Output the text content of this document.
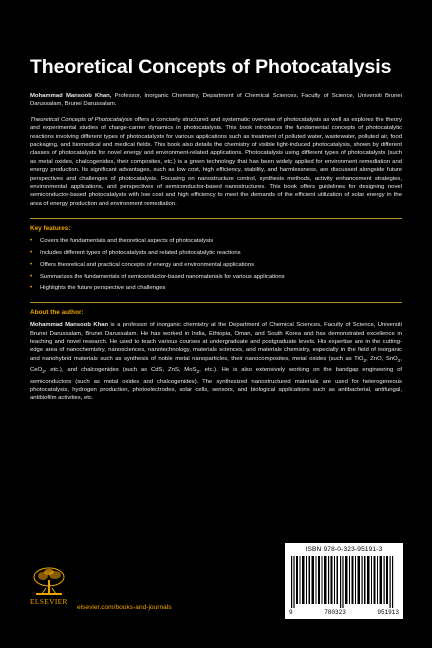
Theoretical Concepts of Photocatalysis

Mohammad Mansoob Khan, Professor, Inorganic Chemistry, Department of Chemical Sciences, Faculty of Science, Universiti Brunei Darussalam, Brunei Darussalam.

Theoretical Concepts of Photocatalysis offers a concisely structured and systematic overview of photocatalysis as well as explores the theory and experimental studies of charge-carrier dynamics in photocatalysis. This book introduces the fundamental concepts of photocatalytic reactions involving different types of photocatalysts for various applications such as treatment of polluted water, wastewater, polluted air, food packaging, and biomedical and medical fields. This book also details the chemistry of visible light-induced photocatalysis, shown by different classes of photocatalysts for novel energy and environment-related applications. Photocatalysis using different types of photocatalysts (such as metal oxides, chalcogenides, their composites, etc.) is a green technology that has been widely applied for environment remediation and energy production. Its significant advantages, such as low cost, high efficiency, stability, and harmlessness, are discussed alongside future perspectives and challenges of photocatalysis. Focusing on nanostructure control, synthesis methods, activity enhancement strategies, environmental applications, and perspectives of semiconductor-based nanostructures. This book offers guidelines for designing novel semiconductor-based photocatalysts with low cost and high efficiency to meet the demands of the efficient utilization of solar energy in the area of energy production and environment remediation.

Key features:
•	Covers the fundamentals and theoretical aspects of photocatalysis
•	Includes different types of photocatalysts and related photocatalytic reactions
•	Offers theoretical and practical concepts of energy and environmental applications
•	Summarizes the fundamentals of semiconductor-based nanomaterials for various applications
•	Highlights the future perspective and challenges
About the author:

Mohammad Mansoob Khan is a professor of inorganic chemistry at the Department of Chemical Sciences, Faculty of Science, Universiti Brunei Darussalam, Brunei Darussalam. He has worked in India, Ethiopia, Oman, and South Korea and has demonstrated excellence in teaching and novel research. He used to teach various courses at undergraduate and postgraduate levels. His expertise are in the cutting-edge area of nanochemistry, nanosciences, nanotechnology, materials sciences, and materials chemistry, especially in the field of inorganic and nanohybrid materials such as synthesis of noble metal nanoparticles, their nanocomposites, metal oxides (such as TiO$_2$, ZnO, SnO$_2$, CeO$_2$, etc.), and chalcogenides (such as CdS, ZnS, MoS$_2$, etc.). He is also extensively working on the bandgap engineering of semiconductors (such as metal oxides and chalcogenides). The synthesized nanostructured materials are used for heterogeneous photocatalysis, hydrogen production, photoelectrodes, solar cells, sensors, and biological applications such as antibacterial, antifungal, antibiofilm activities, etc.

ELSEVIER
elsevier.com/books-and-journals
ISBN 978-0-323-95191-3
9	780323	951913
